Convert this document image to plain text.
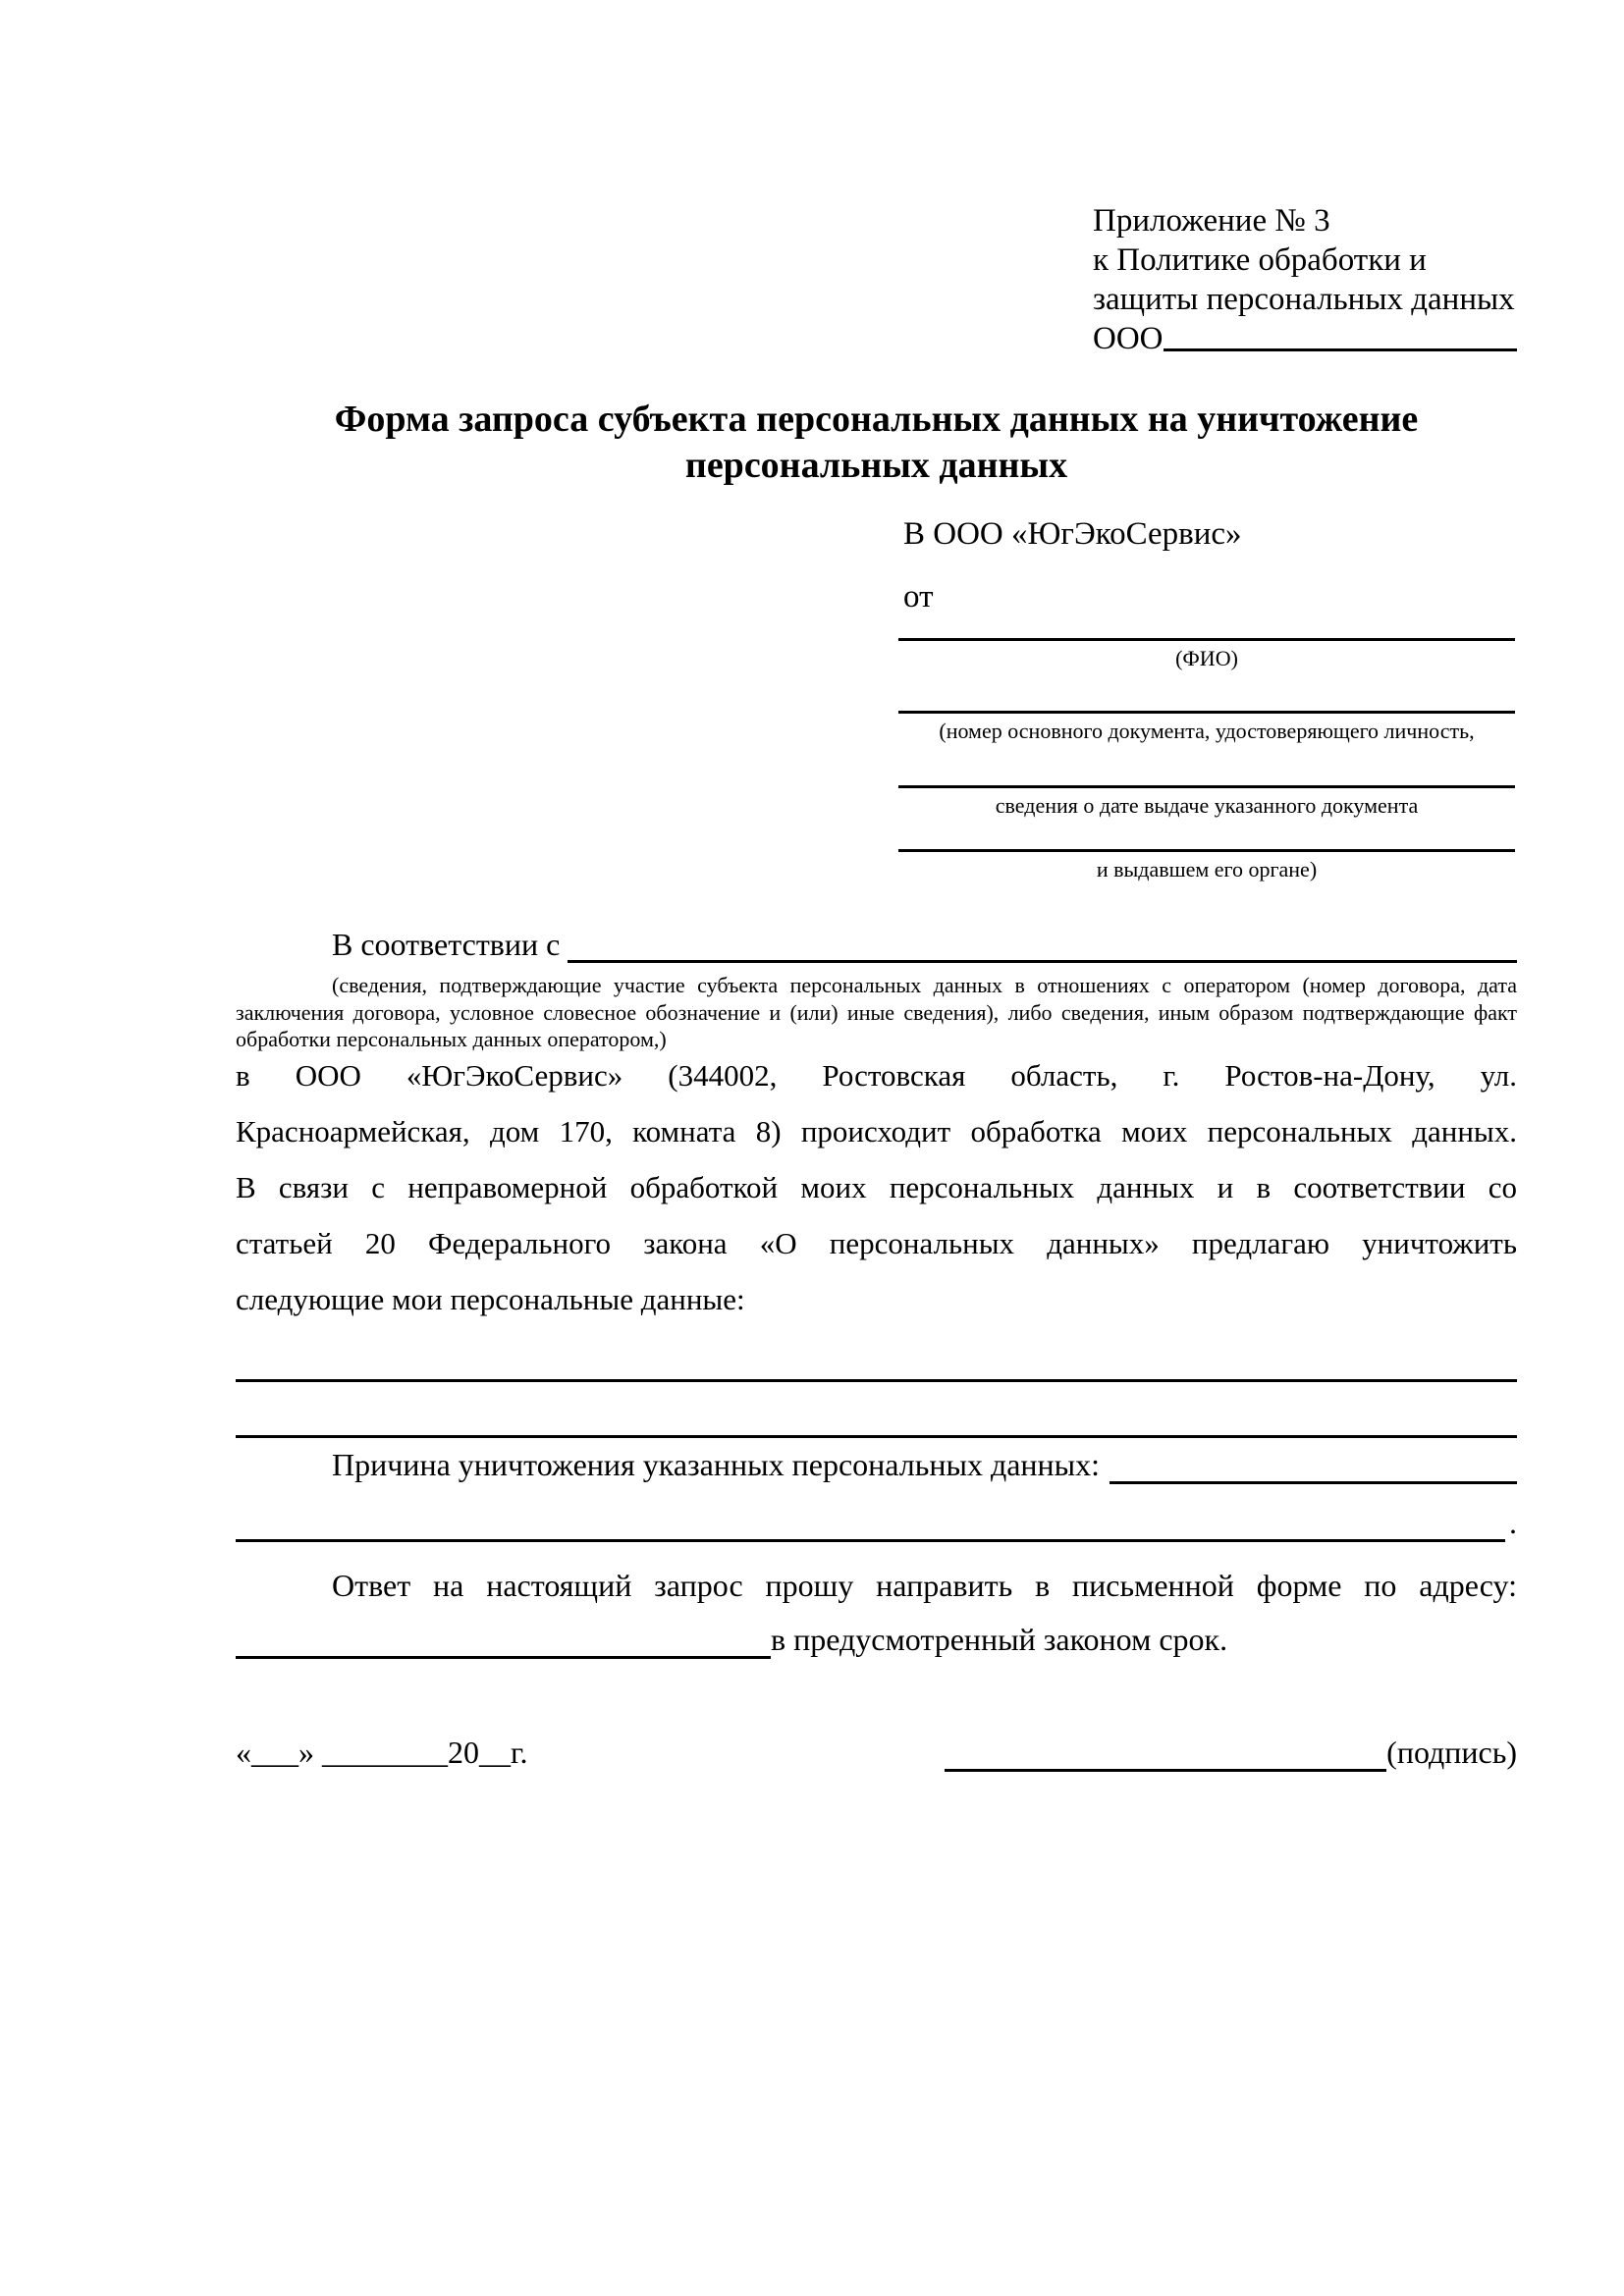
Приложение № 3
к Политике обработки и
защиты персональных данных
ООО
Форма запроса субъекта персональных данных на уничтожение персональных данных
В ООО «ЮгЭкоСервис»
от
(ФИО)
(номер основного документа, удостоверяющего личность,
сведения о дате выдаче указанного документа
и выдавшем его органе)
В соответствии с
(сведения, подтверждающие участие субъекта персональных данных в отношениях с оператором (номер договора, дата заключения договора, условное словесное обозначение и (или) иные сведения), либо сведения, иным образом подтверждающие факт обработки персональных данных оператором,)
в ООО «ЮгЭкоСервис» (344002, Ростовская область, г. Ростов-на-Дону, ул.
Красноармейская, дом 170, комната 8) происходит обработка моих персональных данных.
В связи с неправомерной обработкой моих персональных данных и в соответствии со
статьей 20 Федерального закона «О персональных данных» предлагаю уничтожить
следующие мои персональные данные:
Причина уничтожения указанных персональных данных:
.
Ответ на настоящий запрос прошу направить в письменной форме по адресу:
в предусмотренный законом срок.
«___» ________20__г.	(подпись)
